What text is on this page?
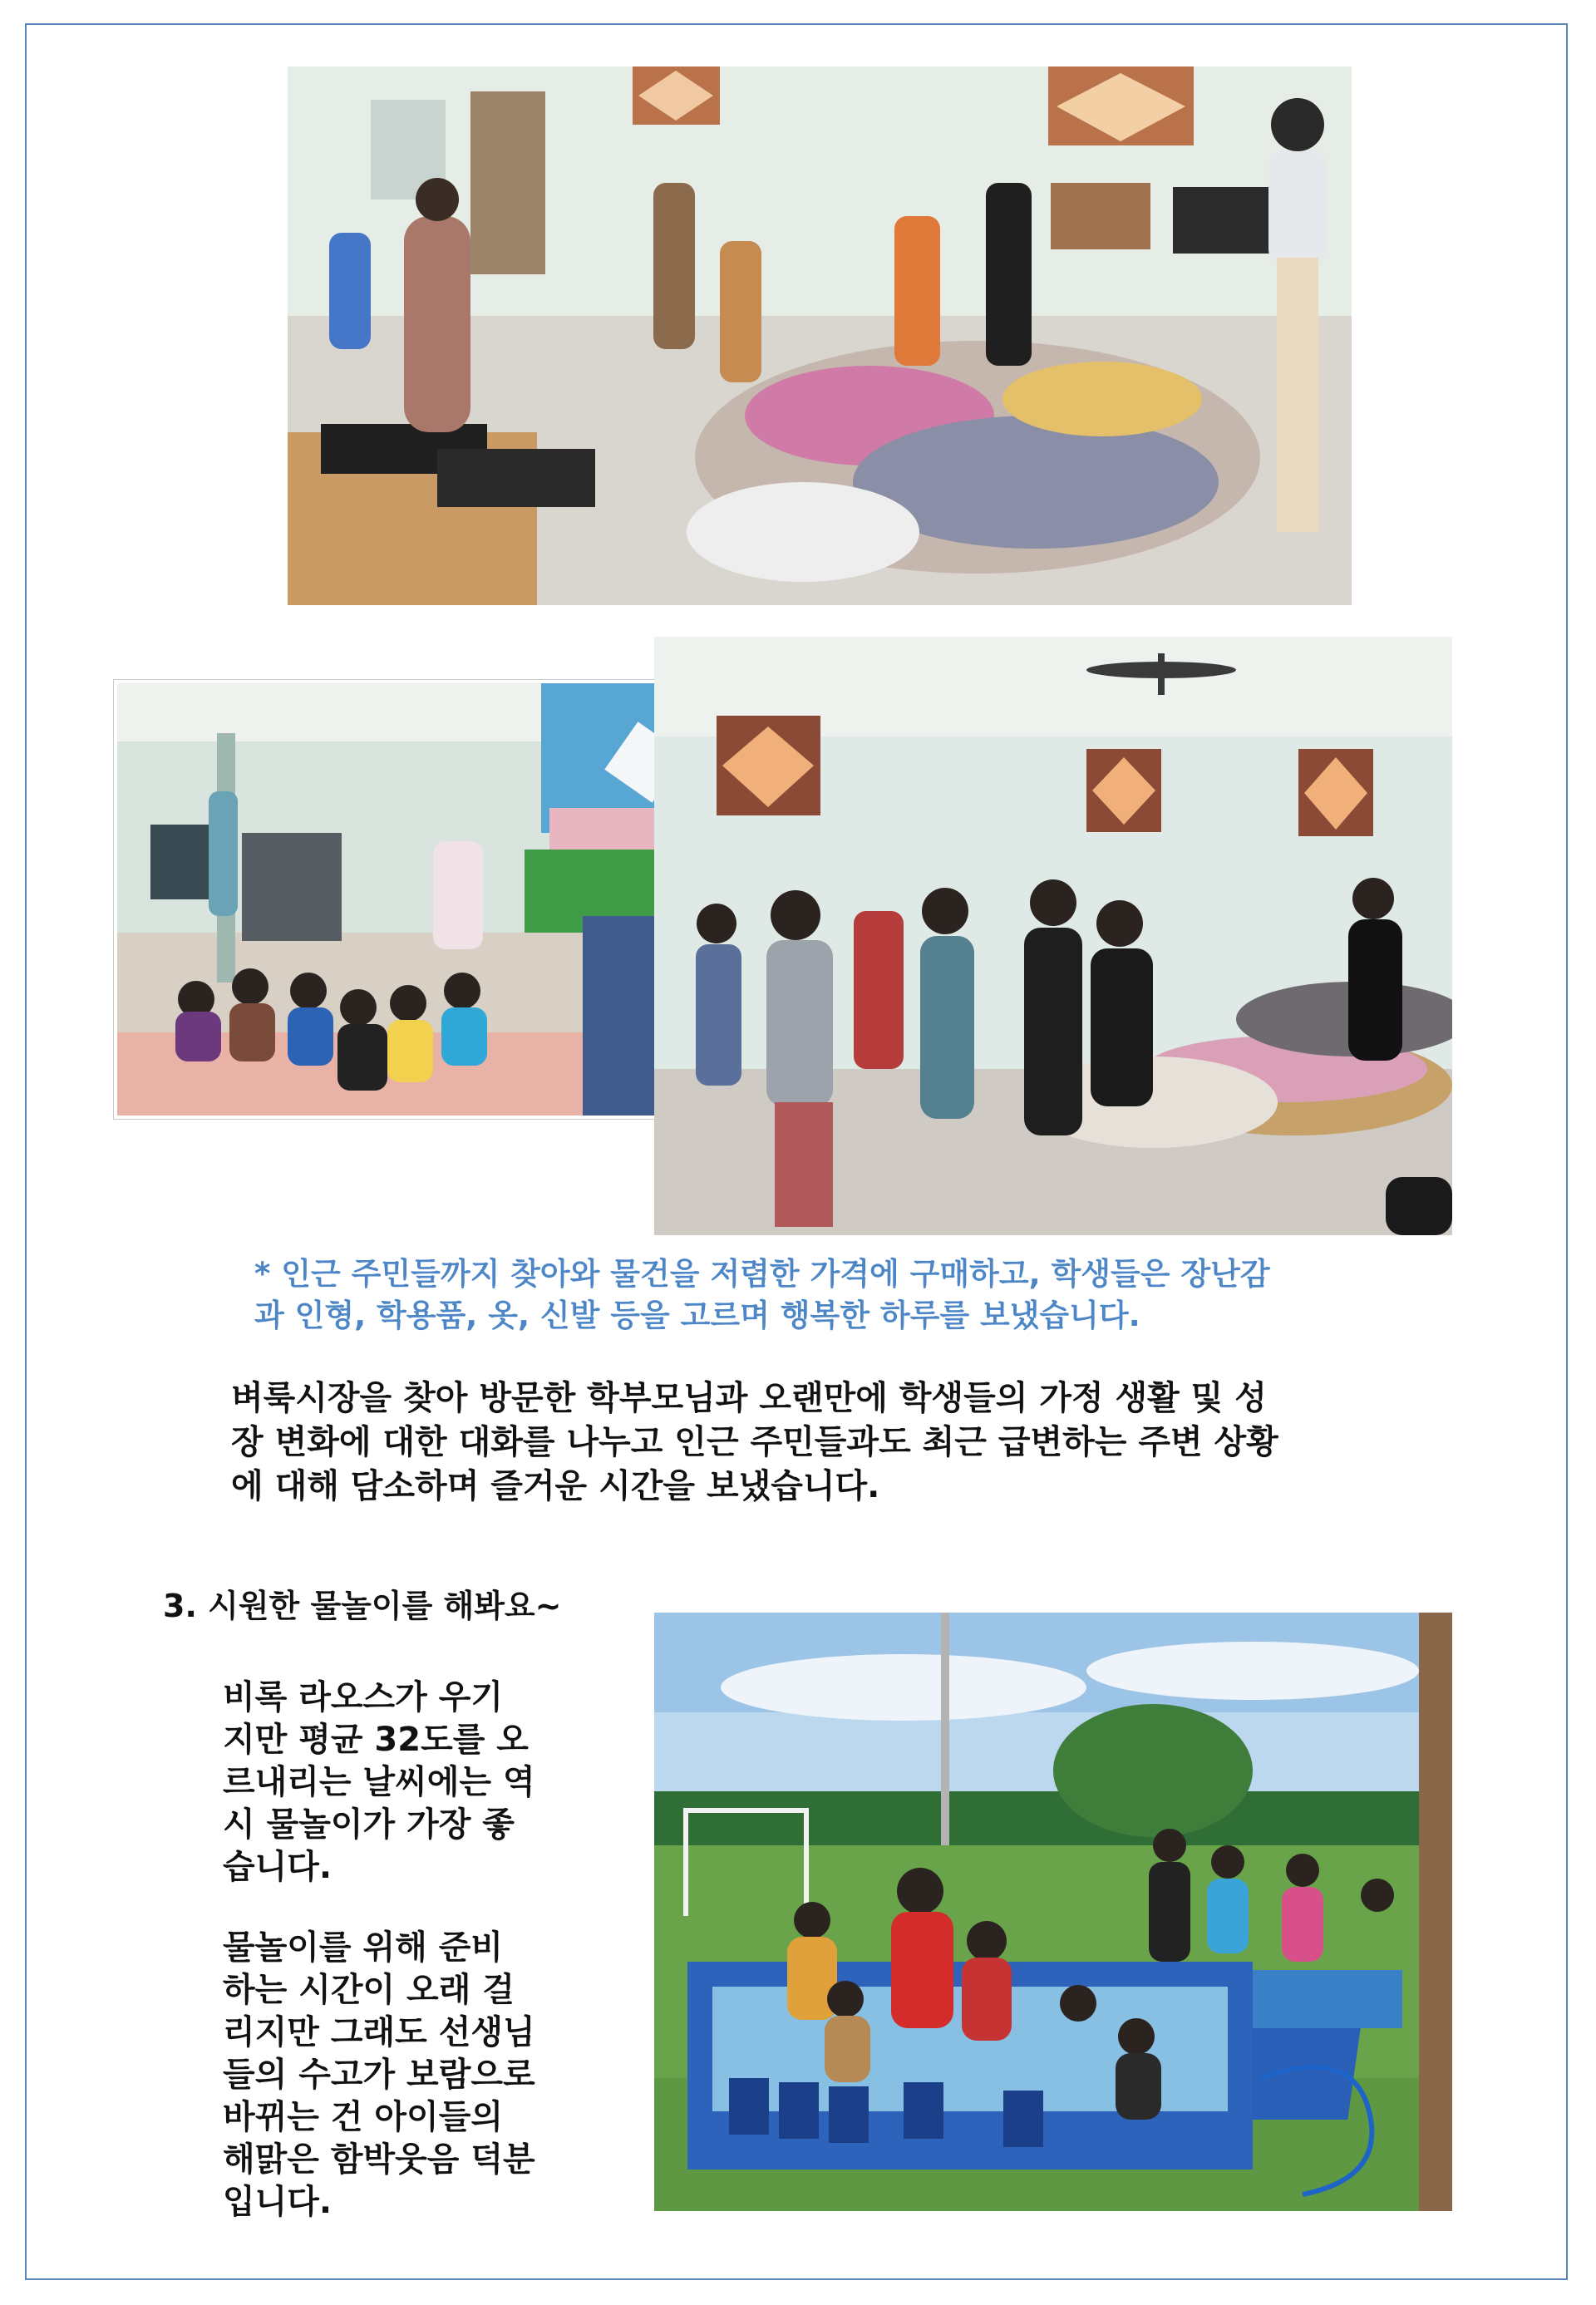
* 인근 주민들까지 찾아와 물건을 저렴한 가격에 구매하고, 학생들은 장난감

과 인형, 학용품, 옷, 신발 등을 고르며 행복한 하루를 보냈습니다.

벼룩시장을 찾아 방문한 학부모님과 오랜만에 학생들의 가정 생활 및 성

장 변화에 대한 대화를 나누고 인근 주민들과도 최근 급변하는 주변 상황

에 대해 담소하며 즐거운 시간을 보냈습니다.

3. 시원한 물놀이를 해봐요~

비록 라오스가 우기

지만 평균 32도를 오

르내리는 날씨에는 역

시 물놀이가 가장 좋

습니다.

물놀이를 위해 준비

하는 시간이 오래 걸

리지만 그래도 선생님

들의 수고가 보람으로

바뀌는 건 아이들의

해맑은 함박웃음 덕분

입니다.
